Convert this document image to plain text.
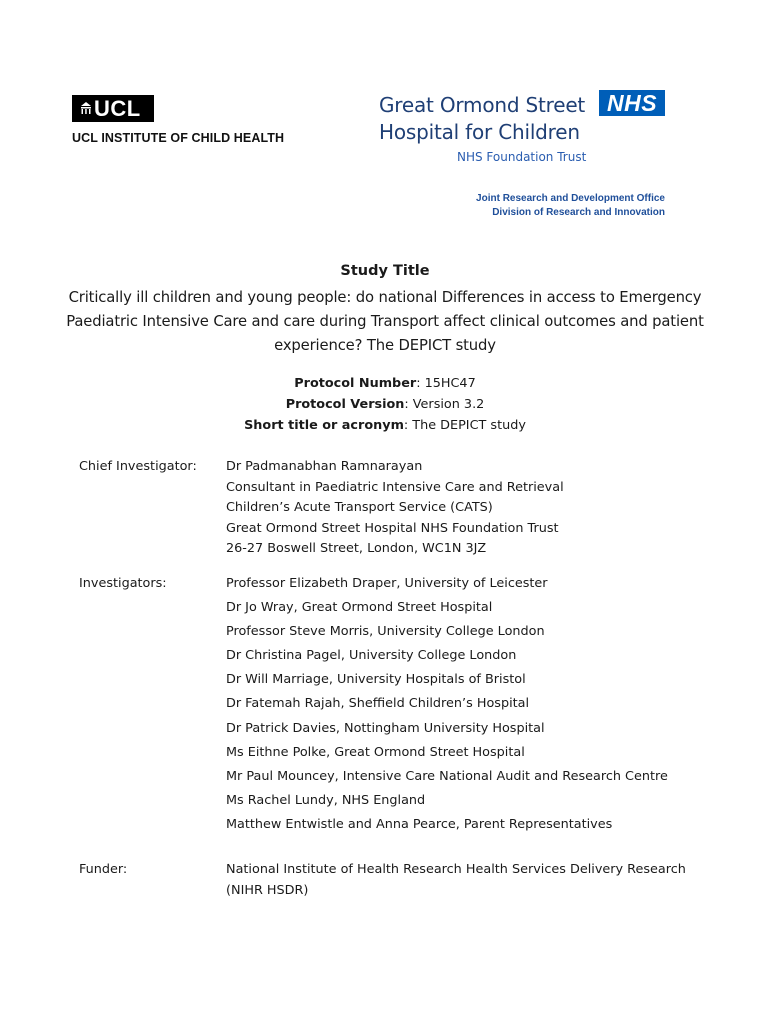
UCL
UCL INSTITUTE OF CHILD HEALTH
Great Ormond Street
Hospital for Children
NHS Foundation Trust
NHS
Joint Research and Development Office
Division of Research and Innovation
Study Title
Critically ill children and young people: do national Differences in access to Emergency Paediatric Intensive Care and care during Transport affect clinical outcomes and patient experience? The DEPICT study
Protocol Number: 15HC47
Protocol Version: Version 3.2
Short title or acronym: The DEPICT study
Chief Investigator: Dr Padmanabhan Ramnarayan
Consultant in Paediatric Intensive Care and Retrieval
Children’s Acute Transport Service (CATS)
Great Ormond Street Hospital NHS Foundation Trust
26-27 Boswell Street, London, WC1N 3JZ
Investigators:	Professor Elizabeth Draper, University of Leicester
Dr Jo Wray, Great Ormond Street Hospital
Professor Steve Morris, University College London
Dr Christina Pagel, University College London
Dr Will Marriage, University Hospitals of Bristol
Dr Fatemah Rajah, Sheffield Children’s Hospital
Dr Patrick Davies, Nottingham University Hospital
Ms Eithne Polke, Great Ormond Street Hospital
Mr Paul Mouncey, Intensive Care National Audit and Research Centre
Ms Rachel Lundy, NHS England
Matthew Entwistle and Anna Pearce, Parent Representatives
Funder:	National Institute of Health Research Health Services Delivery Research
(NIHR HSDR)
